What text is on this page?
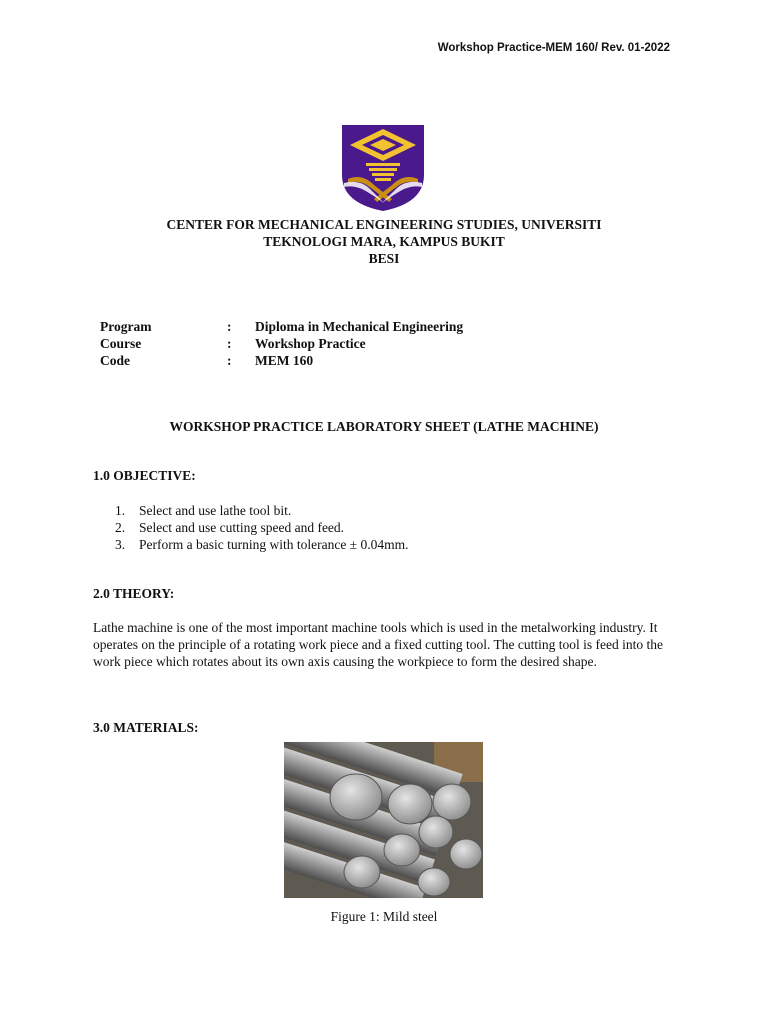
Workshop Practice-MEM 160/ Rev. 01-2022
CENTER FOR MECHANICAL ENGINEERING STUDIES, UNIVERSITI
TEKNOLOGI MARA, KAMPUS BUKIT
BESI
Program	:	Diploma in Mechanical Engineering
Course	:	Workshop Practice
Code	:	MEM 160
WORKSHOP PRACTICE LABORATORY SHEET (LATHE MACHINE)
1.0 OBJECTIVE:
1.	Select and use lathe tool bit.
2.	Select and use cutting speed and feed.
3.	Perform a basic turning with tolerance ± 0.04mm.
2.0 THEORY:

Lathe machine is one of the most important machine tools which is used in the metalworking industry. It operates on the principle of a rotating work piece and a fixed cutting tool. The cutting tool is feed into the work piece which rotates about its own axis causing the workpiece to form the desired shape.

3.0 MATERIALS:
Figure 1: Mild steel
